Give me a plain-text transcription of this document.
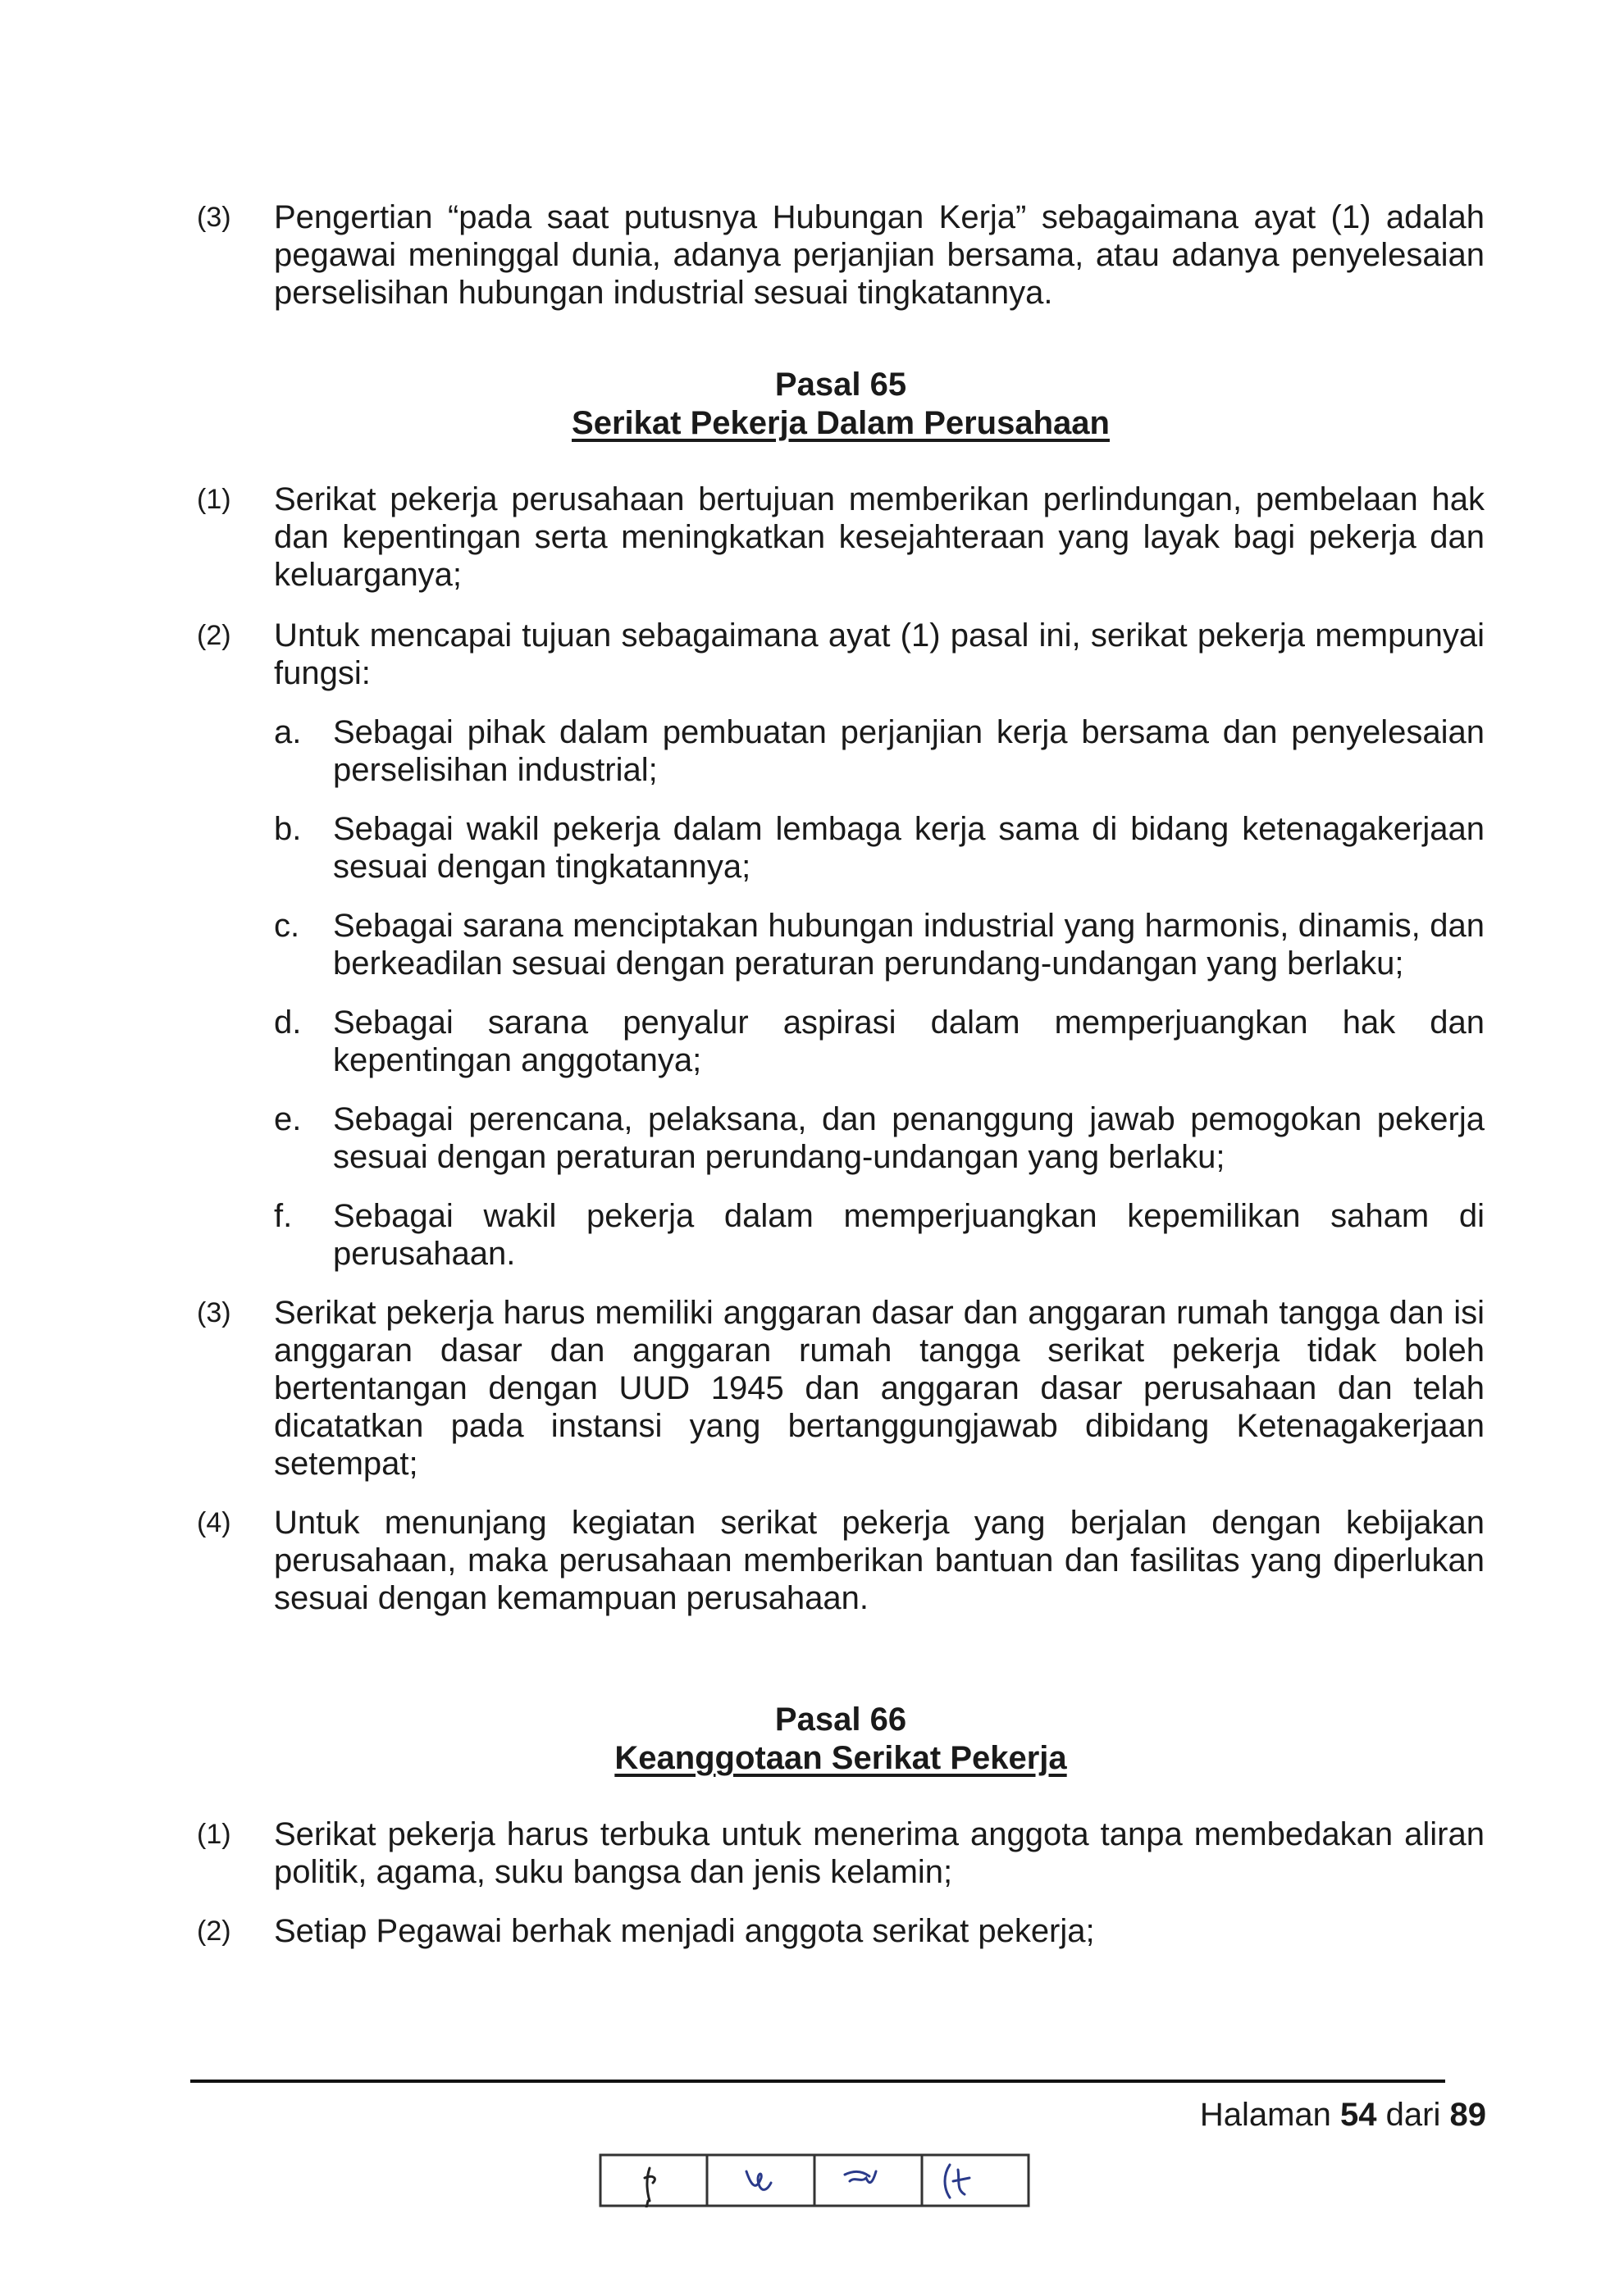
(3) Pengertian “pada saat putusnya Hubungan Kerja” sebagaimana ayat (1) adalah pegawai meninggal dunia, adanya perjanjian bersama, atau adanya penyelesaian perselisihan hubungan industrial sesuai tingkatannya.
Pasal 65
Serikat Pekerja Dalam Perusahaan
(1) Serikat pekerja perusahaan bertujuan memberikan perlindungan, pembelaan hak dan kepentingan serta meningkatkan kesejahteraan yang layak bagi pekerja dan keluarganya;
(2) Untuk mencapai tujuan sebagaimana ayat (1) pasal ini, serikat pekerja mempunyai fungsi:
a. Sebagai pihak dalam pembuatan perjanjian kerja bersama dan penyelesaian perselisihan industrial;
b. Sebagai wakil pekerja dalam lembaga kerja sama di bidang ketenagakerjaan sesuai dengan tingkatannya;
c. Sebagai sarana menciptakan hubungan industrial yang harmonis, dinamis, dan berkeadilan sesuai dengan peraturan perundang-undangan yang berlaku;
d. Sebagai sarana penyalur aspirasi dalam memperjuangkan hak dan kepentingan anggotanya;
e. Sebagai perencana, pelaksana, dan penanggung jawab pemogokan pekerja sesuai dengan peraturan perundang-undangan yang berlaku;
f. Sebagai wakil pekerja dalam memperjuangkan kepemilikan saham di perusahaan.
(3) Serikat pekerja harus memiliki anggaran dasar dan anggaran rumah tangga dan isi anggaran dasar dan anggaran rumah tangga serikat pekerja tidak boleh bertentangan dengan UUD 1945 dan anggaran dasar perusahaan dan telah dicatatkan pada instansi yang bertanggungjawab dibidang Ketenagakerjaan setempat;
(4) Untuk menunjang kegiatan serikat pekerja yang berjalan dengan kebijakan perusahaan, maka perusahaan memberikan bantuan dan fasilitas yang diperlukan sesuai dengan kemampuan perusahaan.
Pasal 66
Keanggotaan Serikat Pekerja
(1) Serikat pekerja harus terbuka untuk menerima anggota tanpa membedakan aliran politik, agama, suku bangsa dan jenis kelamin;
(2) Setiap Pegawai berhak menjadi anggota serikat pekerja;
Halaman 54 dari 89
